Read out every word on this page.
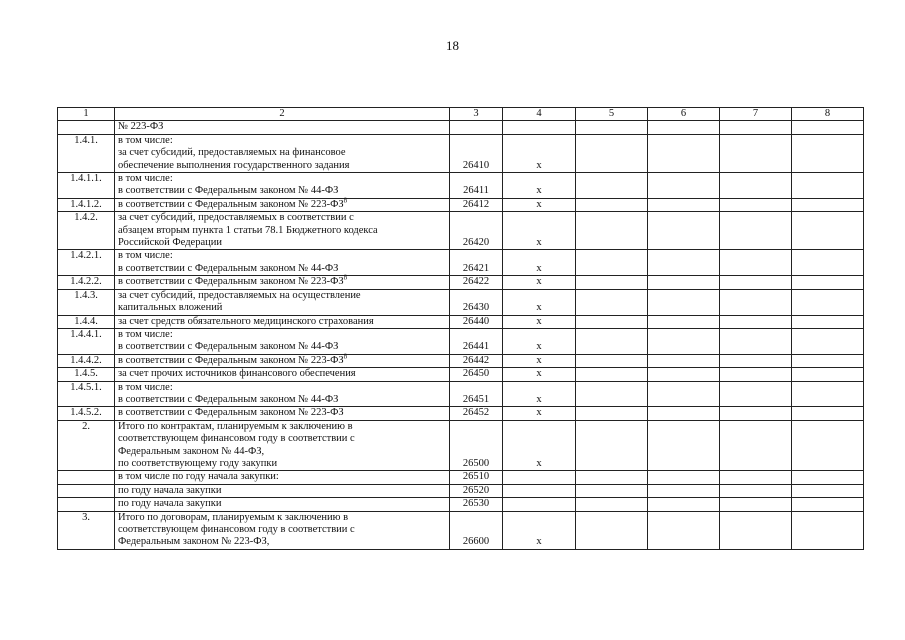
18
1	2	3	4	5	6	7	8

	№ 223-ФЗ						

1.4.1.	в том числе:
за счет субсидий, предоставляемых на финансовое
обеспечение выполнения государственного задания	26410	x				
1.4.1.1.	в том числе:
в соответствии с Федеральным законом № 44-ФЗ	26411	x				
1.4.1.2.	в соответствии с Федеральным законом № $223-ФЗ^8$	26412	x				
1.4.2.	за счет субсидий, предоставляемых в соответствии с
абзацем вторым пункта 1 статьи 78.1 Бюджетного кодекса
Российской Федерации	26420	x				
1.4.2.1.	в том числе:
в соответствии с Федеральным законом № 44-ФЗ	26421	x				
1.4.2.2.	в соответствии с Федеральным законом № $223-ФЗ^8$	26422	x				
1.4.3.	за счет субсидий, предоставляемых на осуществление
капитальных вложений	26430	x				
1.4.4.	за счет средств обязательного медицинского страхования	26440	x				
1.4.4.1.	в том числе:
в соответствии с Федеральным законом № 44-ФЗ	26441	x				
1.4.4.2.	в соответствии с Федеральным законом № $223-ФЗ^8$	26442	x				
1.4.5.	за счет прочих источников финансового обеспечения	26450	x				
1.4.5.1.	в том числе:
в соответствии с Федеральным законом № 44-ФЗ	26451	x				
1.4.5.2.	в соответствии с Федеральным законом № 223-ФЗ	26452	x				
2.	Итого по контрактам, планируемым к заключению в
соответствующем финансовом году в соответствии с
Федеральным законом № 44-ФЗ,
по соответствующему году закупки	26500	x				

	в том числе по году начала закупки:	26510					

	по году начала закупки	26520					

	по году начала закупки	26530					
3.	Итого по договорам, планируемым к заключению в
соответствующем финансовом году в соответствии с
Федеральным законом № 223-ФЗ,	26600	x				
